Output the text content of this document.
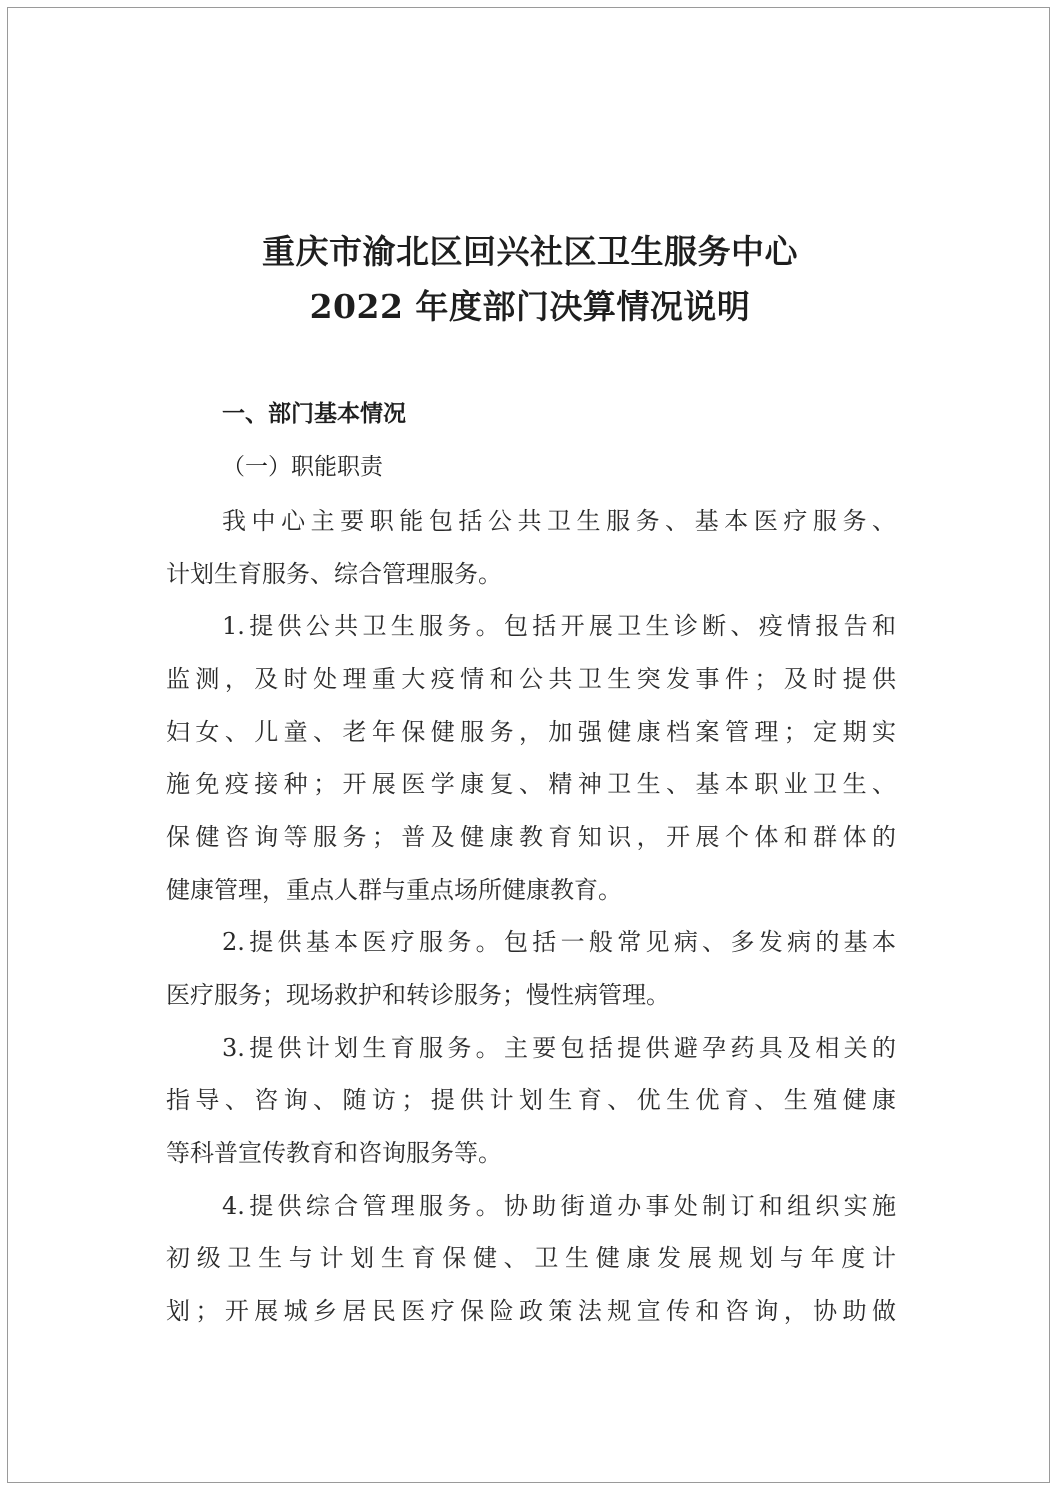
重庆市渝北区回兴社区卫生服务中心
2022 年度部门决算情况说明
一、部门基本情况
（一）职能职责
我中心主要职能包括公共卫生服务、基本医疗服务、
计划生育服务、综合管理服务。
1.提供公共卫生服务。包括开展卫生诊断、疫情报告和
监测，及时处理重大疫情和公共卫生突发事件；及时提供
妇女、儿童、老年保健服务，加强健康档案管理；定期实
施免疫接种；开展医学康复、精神卫生、基本职业卫生、
保健咨询等服务；普及健康教育知识，开展个体和群体的
健康管理，重点人群与重点场所健康教育。
2.提供基本医疗服务。包括一般常见病、多发病的基本
医疗服务；现场救护和转诊服务；慢性病管理。
3.提供计划生育服务。主要包括提供避孕药具及相关的
指导、咨询、随访；提供计划生育、优生优育、生殖健康
等科普宣传教育和咨询服务等。
4.提供综合管理服务。协助街道办事处制订和组织实施
初级卫生与计划生育保健、卫生健康发展规划与年度计
划；开展城乡居民医疗保险政策法规宣传和咨询，协助做
